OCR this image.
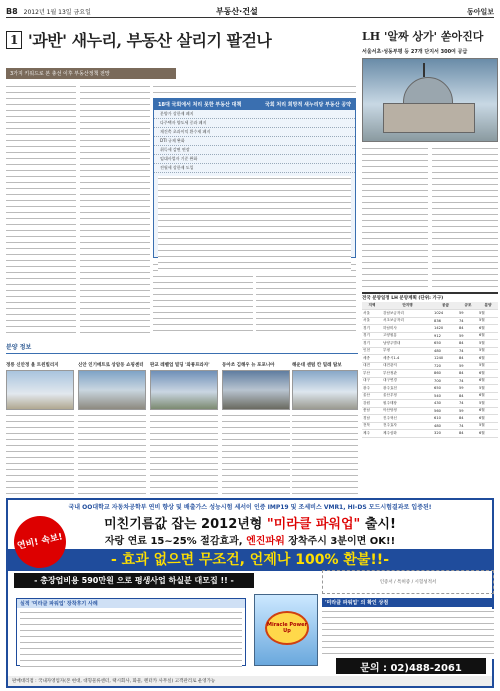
B8 2012년 1월 13일 금요일	부동산·건설	동아일보
1 '과반' 새누리, 부동산 살리기 팔걷나	LH '알짜 상가' 쏟아진다
서울서초·성동부평 등 27개 단지서 300여 공급
3가지 키워드로 본 총선 이후 부동산정책 전망
18대 국회에서 처리 못한 부동산 대책	국회 처리 희망적 새누리당 부동산 공약
분양가 상한제 폐지
다주택자 양도세 중과 폐지
재건축 초과이익 환수제 폐지
DTI 규제 완화
취득세 감면 연장
임대사업자 기준 완화
전월세 상한제 도입
전국 분양일정 LH 분양계획 (단위: 가구)
지역	단지명	공급	규모	분양
서울	강남보금자리	1024	59	5월
서울	서초보금자리	836	74	5월
경기	하남미사	1420	84	6월
경기	고양원흥	912	59	6월
경기	남양주별내	650	84	5월
인천	부평	480	74	5월
세종	세종시1-4	1240	84	6월
대전	대전관저	720	59	5월
부산	부산정관	860	84	6월
대구	대구연경	700	74	6월
광주	광주효천	650	59	5월
울산	울산우정	540	84	6월
강원	원주태장	430	74	5월
충남	아산탕정	560	59	6월
경남	진주혁신	610	84	6월
전북	전주효자	480	74	5월
제주	제주삼화	320	84	6월
분양 정보
정릉 신안정 울 트윈빌리지	신안 인기메트로 상암동 쇼핑센터	판교 레벨업 빌딩 '와룡프라자'	동아쏘 김해우 뉴 포포니아	해운대 센텀 칸 밀레 탑보
국내 OO대학교 자동차공학부 연비 향상 및 배출가스 성능시험 세서이 인증 IMP19 및 조세비스 VMR1, HI-DS 모드시험결과로 입증된!
연비! 속보!
미친기름값 잡는 2012년형 "미라클 파워업" 출시!
자랑 연료 15~25% 절감효과, 엔진파워 장착주시 3분이면 OK!!
- 효과 없으면 무조건, 언제나 100% 환불!!-
- 총장업비용 590만원 으로 평생사업 하실분 대모집 !! -	인증서 / 특허증 / 시험성적서
실적 '미라클 파워업' 장착후기 사례
Miracle Power Up
'미라클 파워업' 의 확인 상점
문의 : 02)488-2061
판매대리점 : 국내자영업자(본 현대, 대형물류센터, 택시회사, 화물, 렌터카 사무실) 고객관리로 운영가능
